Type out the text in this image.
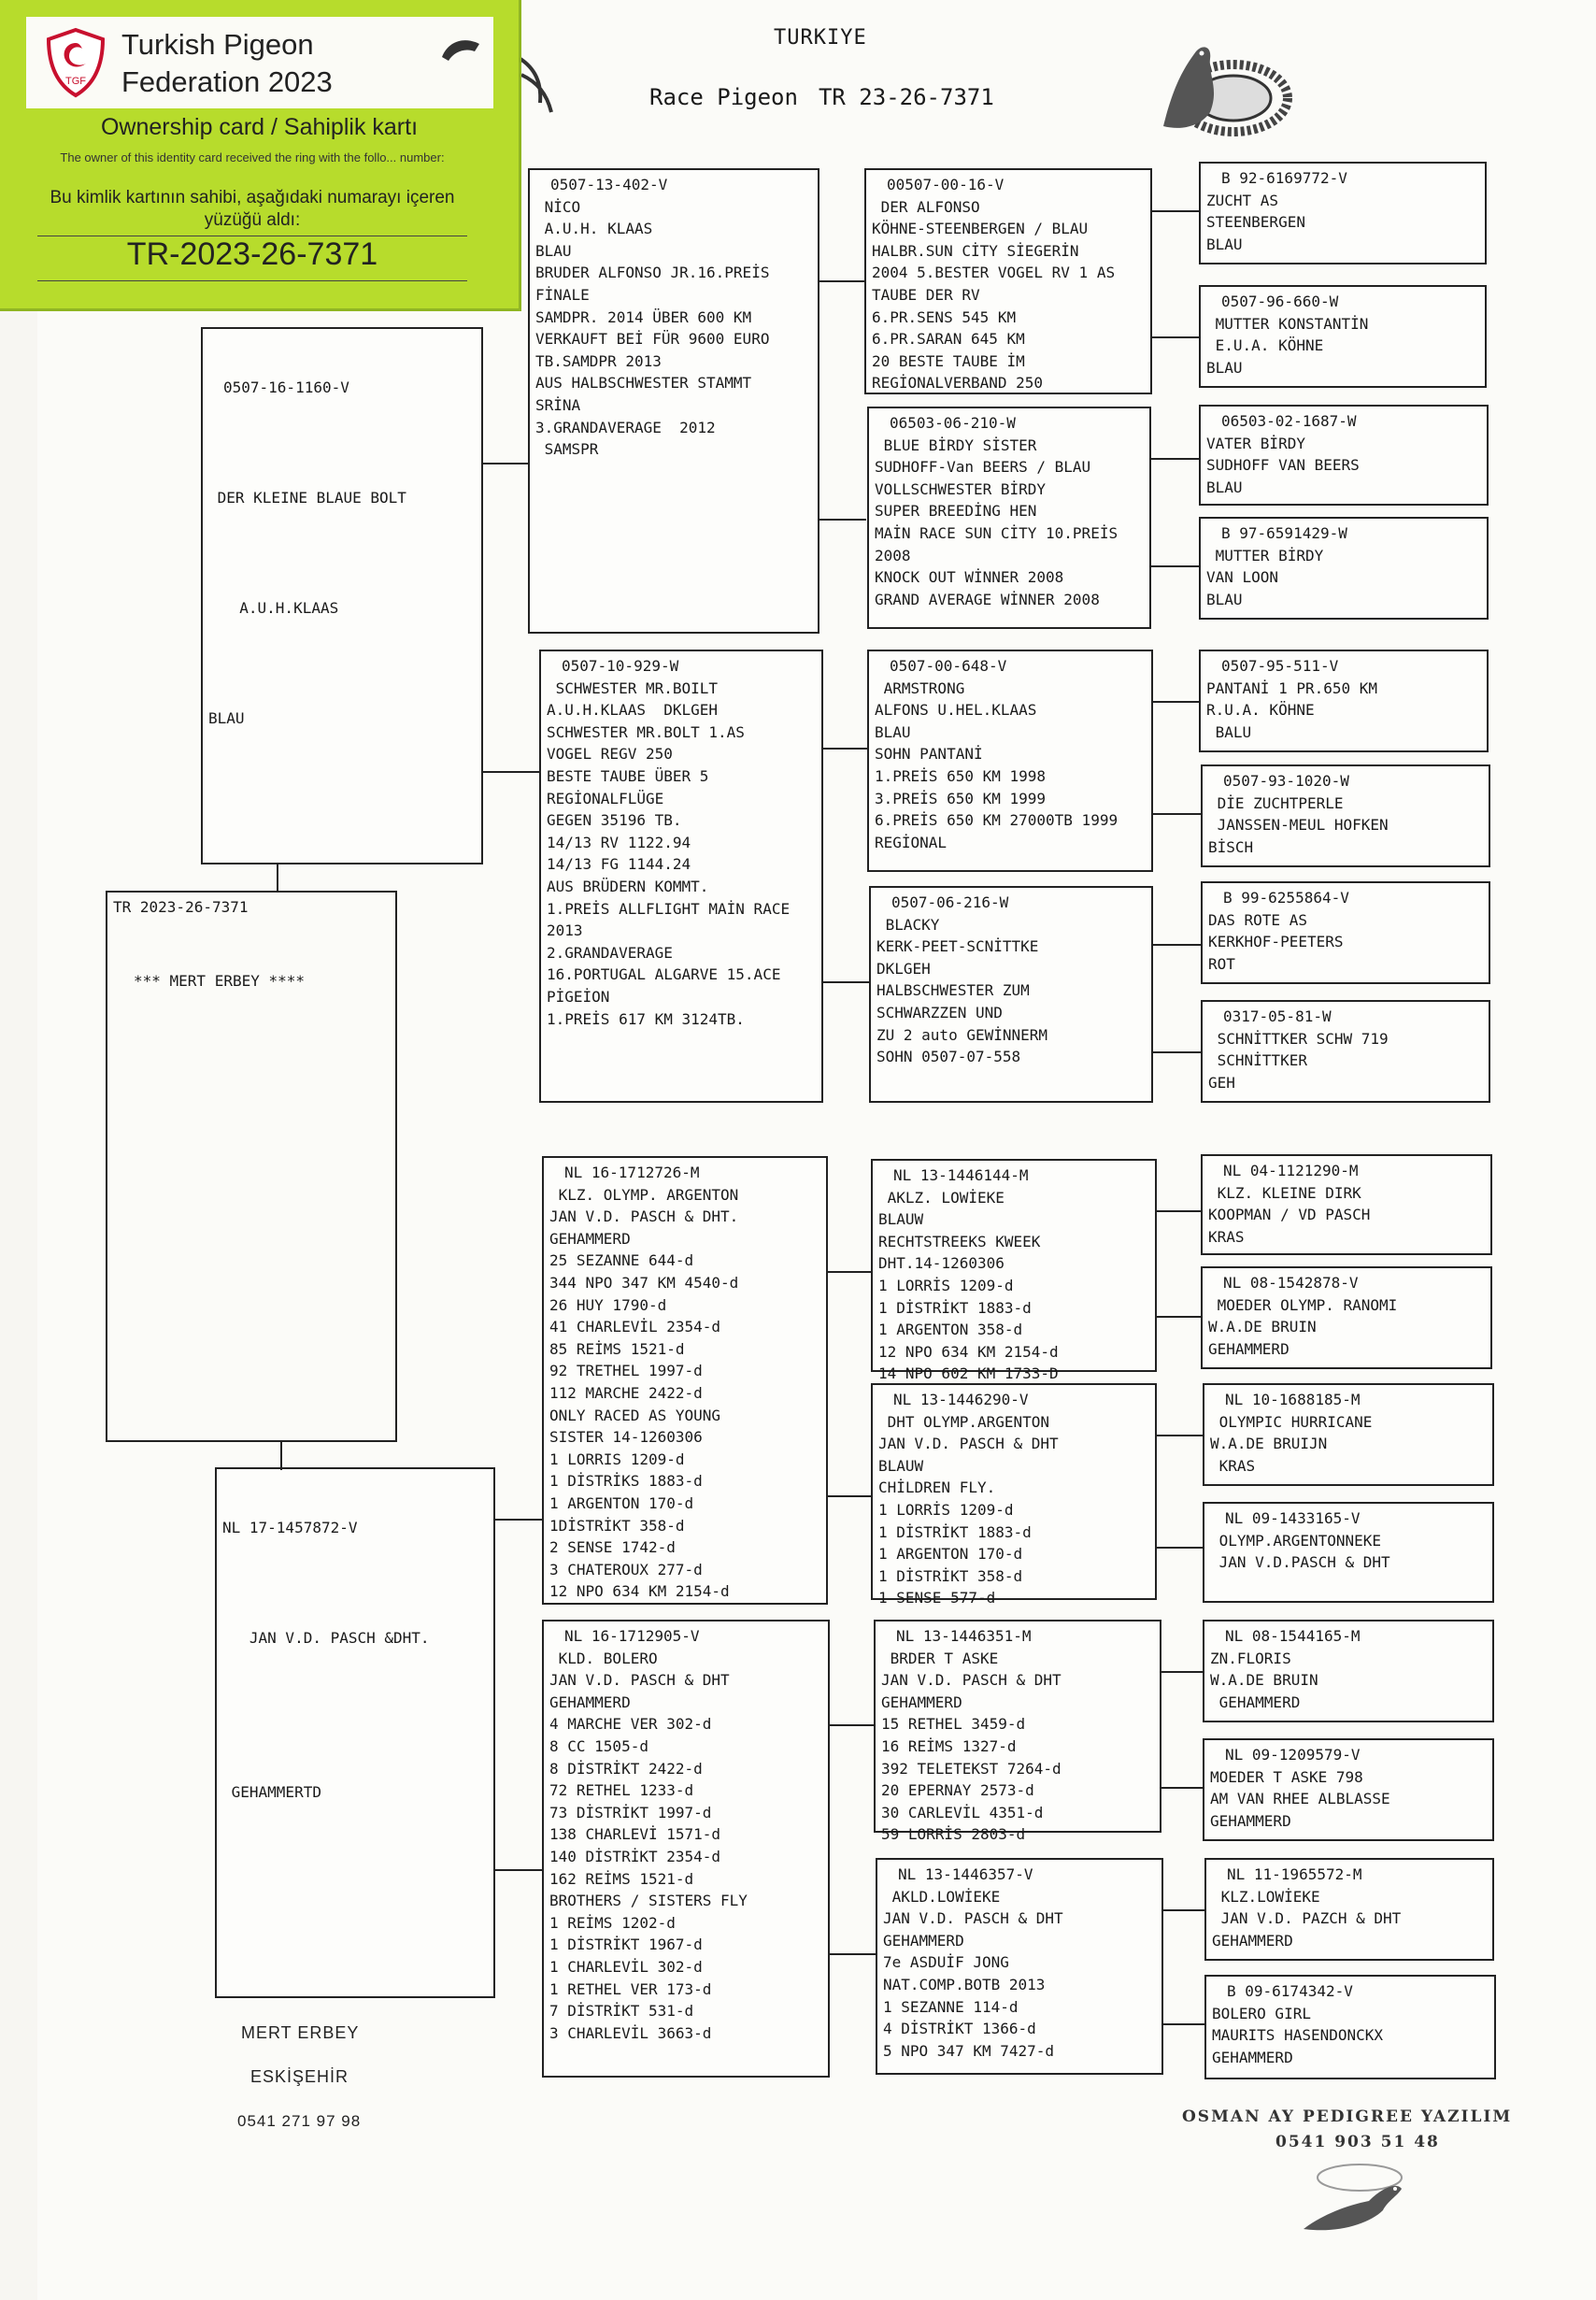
TURKIYE
Race Pigeon TR 23-26-7371
TGF
Turkish Pigeon
Federation 2023
Ownership card / Sahiplik kartı
The owner of this identity card received the ring with the follo... number:
Bu kimlik kartının sahibi, aşağıdaki numarayı içeren yüzüğü aldı:
TR-2023-26-7371
TR 2023-26-7371
*** MERT ERBEY ****

0507-16-1160-V

DER KLEINE BLAUE BOLT

A.U.H.KLAAS

BLAU

NL 17-1457872-V

JAN V.D. PASCH &DHT.

GEHAMMERTD

0507-13-402-V
NİCO
A.U.H. KLAAS
BLAU
BRUDER ALFONSO JR.16.PREİS
FİNALE
SAMDPR. 2014 ÜBER 600 KM
VERKAUFT BEİ FÜR 9600 EURO
TB.SAMDPR 2013
AUS HALBSCHWESTER STAMMT
SRİNA
3.GRANDAVERAGE  2012
SAMSPR
0507-10-929-W
SCHWESTER MR.BOILT
A.U.H.KLAAS  DKLGEH
SCHWESTER MR.BOLT 1.AS
VOGEL REGV 250
BESTE TAUBE ÜBER 5
REGİONALFLÜGE
GEGEN 35196 TB.
14/13 RV 1122.94
14/13 FG 1144.24
AUS BRÜDERN KOMMT.
1.PREİS ALLFLIGHT MAİN RACE
2013
2.GRANDAVERAGE
16.PORTUGAL ALGARVE 15.ACE
PİGEİON
1.PREİS 617 KM 3124TB.
NL 16-1712726-M
KLZ. OLYMP. ARGENTON
JAN V.D. PASCH & DHT.
GEHAMMERD
25 SEZANNE 644-d
344 NPO 347 KM 4540-d
26 HUY 1790-d
41 CHARLEVİL 2354-d
85 REİMS 1521-d
92 TRETHEL 1997-d
112 MARCHE 2422-d
ONLY RACED AS YOUNG
SISTER 14-1260306
1 LORRIS 1209-d
1 DİSTRİKS 1883-d
1 ARGENTON 170-d
1DİSTRİKT 358-d
2 SENSE 1742-d
3 CHATEROUX 277-d
12 NPO 634 KM 2154-d
NL 16-1712905-V
KLD. BOLERO
JAN V.D. PASCH & DHT
GEHAMMERD
4 MARCHE VER 302-d
8 CC 1505-d
8 DİSTRİKT 2422-d
72 RETHEL 1233-d
73 DİSTRİKT 1997-d
138 CHARLEVİ 1571-d
140 DİSTRİKT 2354-d
162 REİMS 1521-d
BROTHERS / SISTERS FLY
1 REİMS 1202-d
1 DİSTRİKT 1967-d
1 CHARLEVİL 302-d
1 RETHEL VER 173-d
7 DİSTRİKT 531-d
3 CHARLEVİL 3663-d
00507-00-16-V
DER ALFONSO
KÖHNE-STEENBERGEN / BLAU
HALBR.SUN CİTY SİEGERİN
2004 5.BESTER VOGEL RV 1 AS
TAUBE DER RV
6.PR.SENS 545 KM
6.PR.SARAN 645 KM
20 BESTE TAUBE İM
REGİONALVERBAND 250
06503-06-210-W
BLUE BİRDY SİSTER
SUDHOFF-Van BEERS / BLAU
VOLLSCHWESTER BİRDY
SUPER BREEDİNG HEN
MAİN RACE SUN CİTY 10.PREİS
2008
KNOCK OUT WİNNER 2008
GRAND AVERAGE WİNNER 2008
0507-00-648-V
ARMSTRONG
ALFONS U.HEL.KLAAS
BLAU
SOHN PANTANİ
1.PREİS 650 KM 1998
3.PREİS 650 KM 1999
6.PREİS 650 KM 27000TB 1999
REGİONAL
0507-06-216-W
BLACKY
KERK-PEET-SCNİTTKE
DKLGEH
HALBSCHWESTER ZUM
SCHWARZZEN UND
ZU 2 auto GEWİNNERM
SOHN 0507-07-558
NL 13-1446144-M
AKLZ. LOWİEKE
BLAUW
RECHTSTREEKS KWEEK
DHT.14-1260306
1 LORRİS 1209-d
1 DİSTRİKT 1883-d
1 ARGENTON 358-d
12 NPO 634 KM 2154-d
14 NPO 602 KM 1733-D
NL 13-1446290-V
DHT OLYMP.ARGENTON
JAN V.D. PASCH & DHT
BLAUW
CHİLDREN FLY.
1 LORRİS 1209-d
1 DİSTRİKT 1883-d
1 ARGENTON 170-d
1 DİSTRİKT 358-d
1 SENSE 577-d
NL 13-1446351-M
BRDER T ASKE
JAN V.D. PASCH & DHT
GEHAMMERD
15 RETHEL 3459-d
16 REİMS 1327-d
392 TELETEKST 7264-d
20 EPERNAY 2573-d
30 CARLEVİL 4351-d
59 LORRİS 2803-d
NL 13-1446357-V
AKLD.LOWİEKE
JAN V.D. PASCH & DHT
GEHAMMERD
7e ASDUİF JONG
NAT.COMP.BOTB 2013
1 SEZANNE 114-d
4 DİSTRİKT 1366-d
5 NPO 347 KM 7427-d
B 92-6169772-V
ZUCHT AS
STEENBERGEN
BLAU
0507-96-660-W
MUTTER KONSTANTİN
E.U.A. KÖHNE
BLAU
06503-02-1687-W
VATER BİRDY
SUDHOFF VAN BEERS
BLAU
B 97-6591429-W
MUTTER BİRDY
VAN LOON
BLAU
0507-95-511-V
PANTANİ 1 PR.650 KM
R.U.A. KÖHNE
BALU
0507-93-1020-W
DİE ZUCHTPERLE
JANSSEN-MEUL HOFKEN
BİSCH
B 99-6255864-V
DAS ROTE AS
KERKHOF-PEETERS
ROT
0317-05-81-W
SCHNİTTKER SCHW 719
SCHNİTTKER
GEH
NL 04-1121290-M
KLZ. KLEINE DIRK
KOOPMAN / VD PASCH
KRAS
NL 08-1542878-V
MOEDER OLYMP. RANOMI
W.A.DE BRUIN
GEHAMMERD
NL 10-1688185-M
OLYMPIC HURRICANE
W.A.DE BRUIJN
KRAS
NL 09-1433165-V
OLYMP.ARGENTONNEKE
JAN V.D.PASCH & DHT
NL 08-1544165-M
ZN.FLORIS
W.A.DE BRUIN
GEHAMMERD
NL 09-1209579-V
MOEDER T ASKE 798
AM VAN RHEE ALBLASSE
GEHAMMERD
NL 11-1965572-M
KLZ.LOWİEKE
JAN V.D. PAZCH & DHT
GEHAMMERD
B 09-6174342-V
BOLERO GIRL
MAURITS HASENDONCKX
GEHAMMERD
MERT ERBEY
ESKİŞEHİR
0541 271 97 98	OSMAN AY PEDIGREE YAZILIM
0541 903 51 48
